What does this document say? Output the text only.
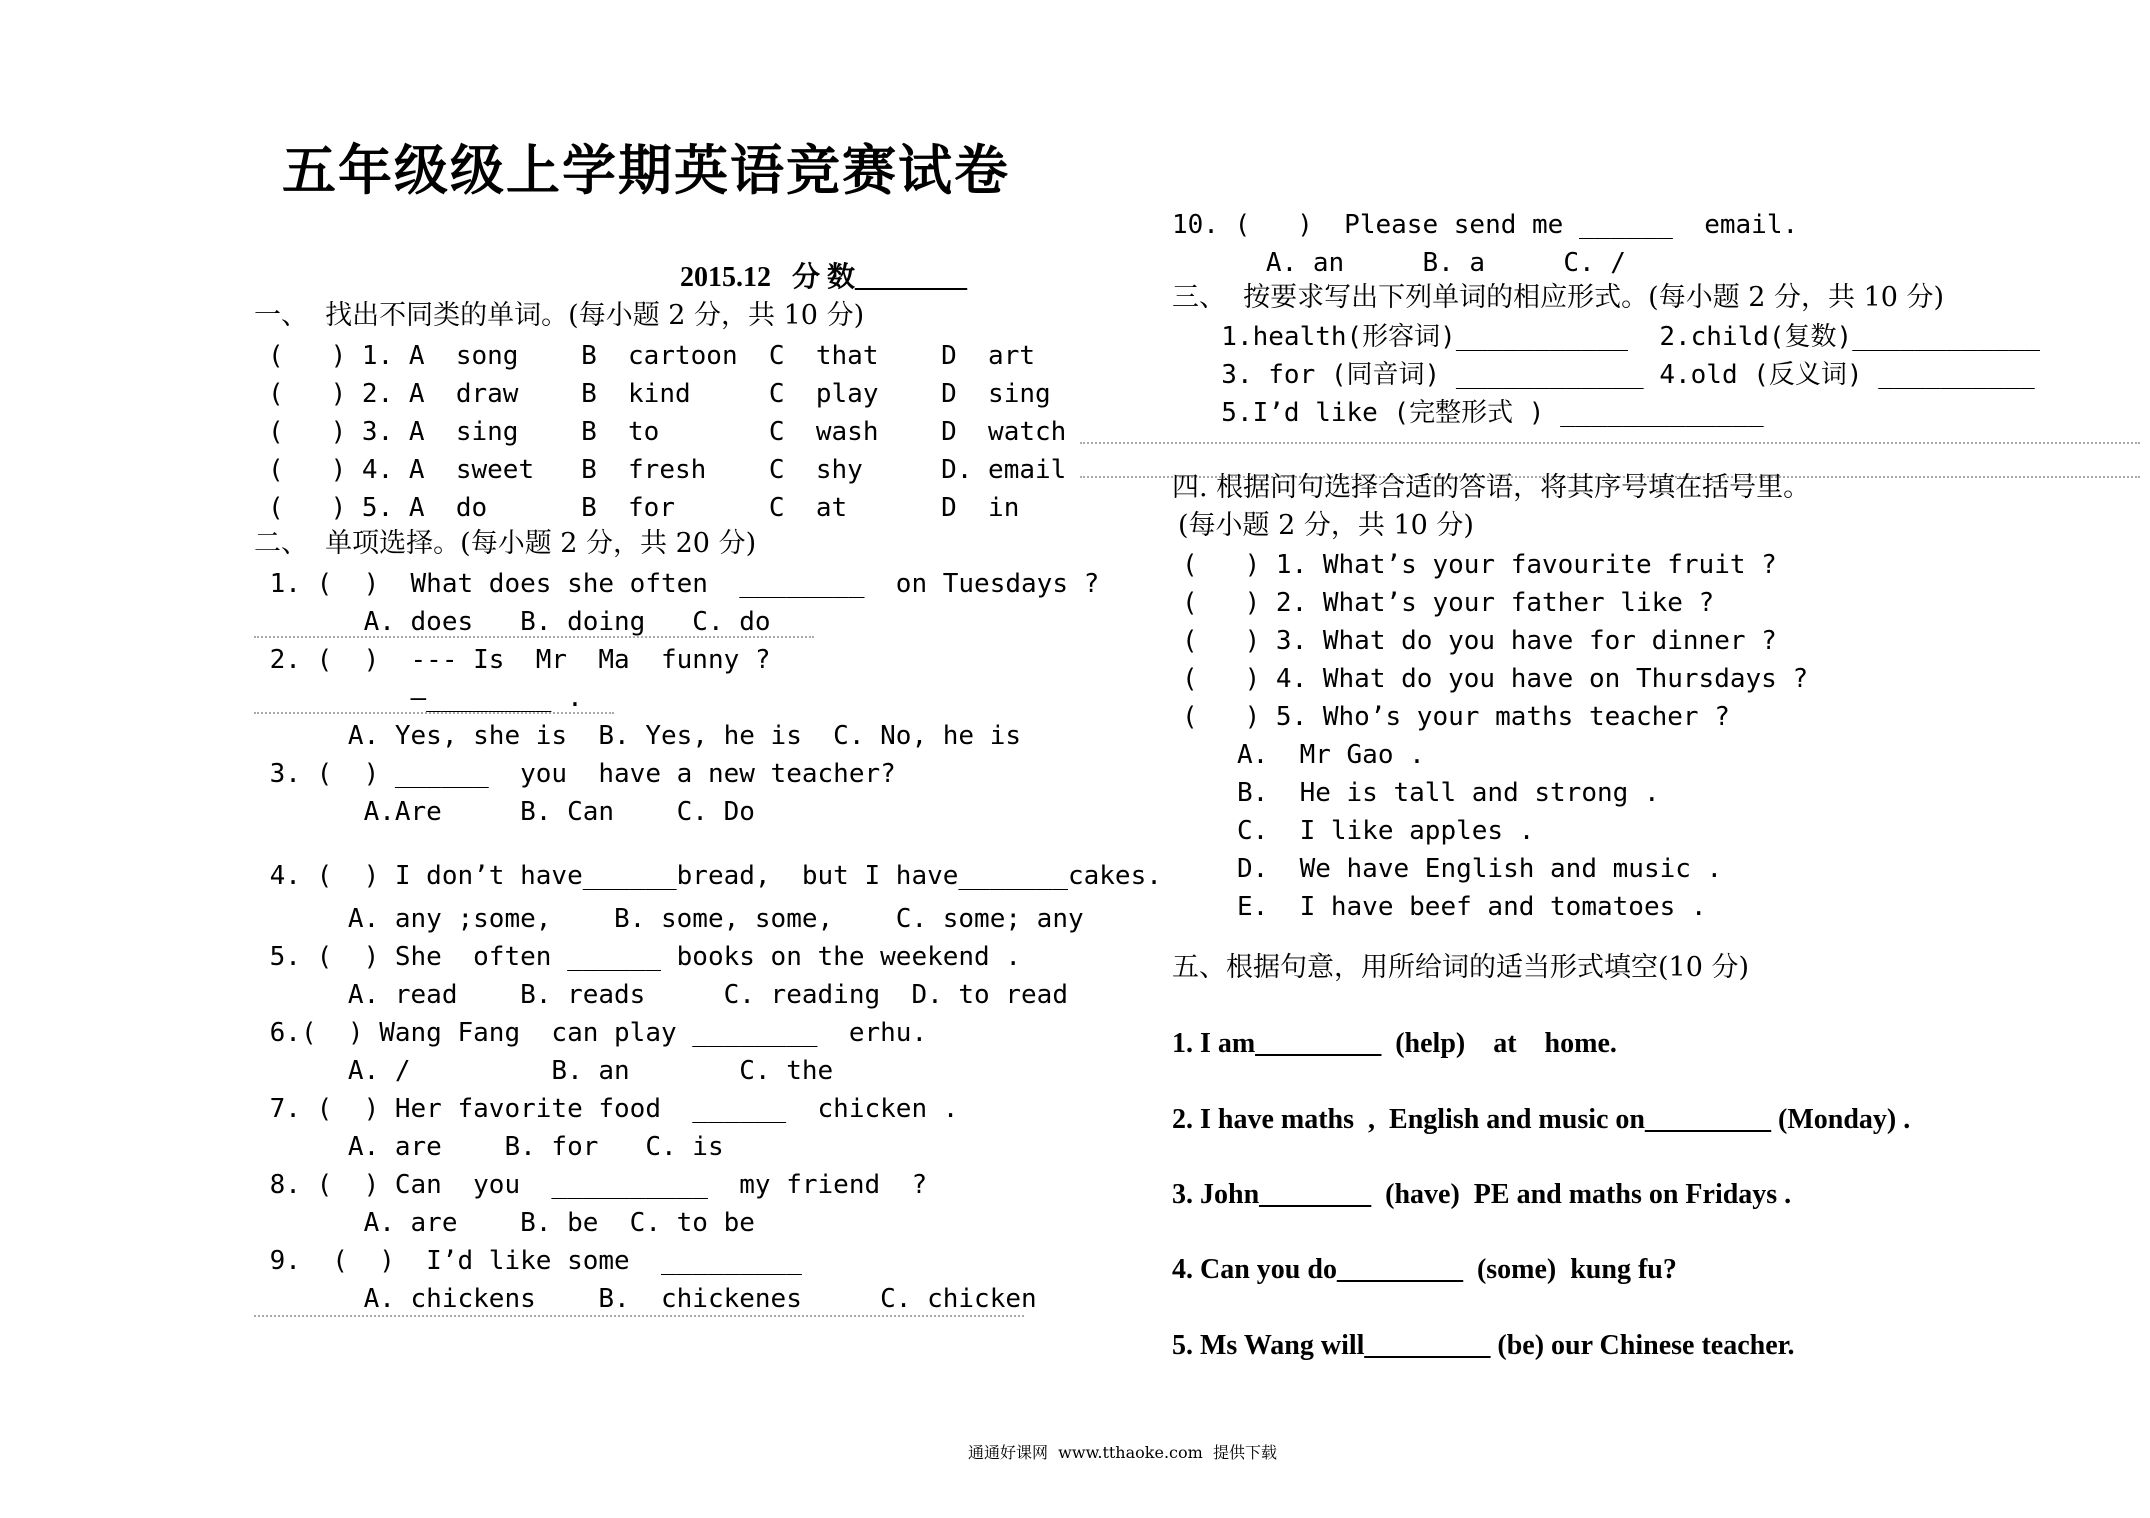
五年级级上学期英语竞赛试卷
2015.12   分 数________
一、  找出不同类的单词。(每小题 2 分，共 10 分)
(   ) 1. A  song    B  cartoon  C  that    D  art
(   ) 2. A  draw    B  kind     C  play    D  sing
(   ) 3. A  sing    B  to       C  wash    D  watch
(   ) 4. A  sweet   B  fresh    C  shy     D. email
(   ) 5. A  do      B  for      C  at      D  in
二、  单项选择。(每小题 2 分，共 20 分)
1. (  )  What does she often  ________  on Tuesdays ?
A. does   B. doing   C. do
2. (  )  --- Is  Mr  Ma  funny ?
—________ .
A. Yes, she is  B. Yes, he is  C. No, he is
3. (  ) ______  you  have a new teacher?
A.Are     B. Can    C. Do
4. (  ) I don’t have______bread,  but I have_______cakes.
A. any ;some,    B. some, some,    C. some; any
5. (  ) She  often ______ books on the weekend .
A. read    B. reads     C. reading  D. to read
6.(  ) Wang Fang  can play ________  erhu.
A. /         B. an       C. the
7. (  ) Her favorite food  ______  chicken .
A. are    B. for   C. is
8. (  ) Can  you  __________  my friend  ?
A. are    B. be  C. to be
9.  (  )  I’d like some  _________
A. chickens    B.  chickenes     C. chicken
10. (   )  Please send me ______  email.
A. an     B. a     C. /
三、  按要求写出下列单词的相应形式。(每小题 2 分，共 10 分)
1.health(形容词)___________  2.child(复数)____________
3. for (同音词) ____________ 4.old (反义词) __________
5.I’d like (完整形式 ) _____________
四. 根据问句选择合适的答语，将其序号填在括号里。
(每小题 2 分，共 10 分)
(   ) 1. What’s your favourite fruit ?
(   ) 2. What’s your father like ?
(   ) 3. What do you have for dinner ?
(   ) 4. What do you have on Thursdays ?
(   ) 5. Who’s your maths teacher ?
A.  Mr Gao .
B.  He is tall and strong .
C.  I like apples .
D.  We have English and music .
E.  I have beef and tomatoes .
五、根据句意，用所给词的适当形式填空(10 分)
1. I am_________  (help)    at    home.
2. I have maths  ,  English and music on_________ (Monday) .
3. John________  (have)  PE and maths on Fridays .
4. Can you do_________  (some)  kung fu?
5. Ms Wang will_________ (be) our Chinese teacher.
通通好课网  www.tthaoke.com  提供下载
